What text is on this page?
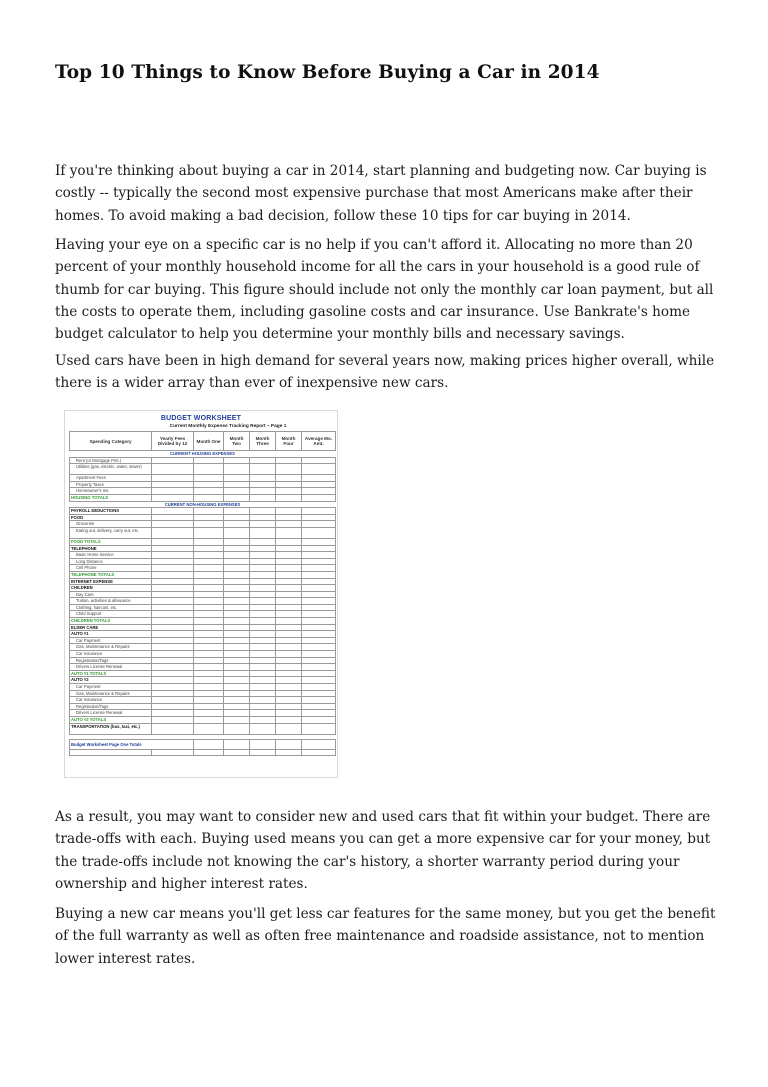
Top 10 Things to Know Before Buying a Car in 2014

If you're thinking about buying a car in 2014, start planning and budgeting now. Car buying is costly -- typically the second most expensive purchase that most Americans make after their homes. To avoid making a bad decision, follow these 10 tips for car buying in 2014.

Having your eye on a specific car is no help if you can't afford it. Allocating no more than 20 percent of your monthly household income for all the cars in your household is a good rule of thumb for car buying. This figure should include not only the monthly car loan payment, but all the costs to operate them, including gasoline costs and car insurance. Use Bankrate's home budget calculator to help you determine your monthly bills and necessary savings.

Used cars have been in high demand for several years now, making prices higher overall, while there is a wider array than ever of inexpensive new cars.

BUDGET WORKSHEET
Current Monthly Expense Tracking Report – Page 1
Spending Category	Yearly Fees Divided by 12	Month One	Month Two	Month Three	Month Four	Average Mo. Amt.
CURRENT HOUSING EXPENSES						
Rent (or Mortgage Pmt.)						
Utilities (gas, electric, water, sewer)						
Apartment Fees						
Property Taxes						
Homeowner's Ins.						
HOUSING TOTALS						
CURRENT NON-HOUSING EXPENSES						
PAYROLL DEDUCTIONS						
FOOD						
Groceries						
Eating out, delivery, carry out, etc.						
FOOD TOTALS						
TELEPHONE						
Basic Home Service						
Long Distance						
Cell Phone						
TELEPHONE TOTALS						
INTERNET EXPENSE						
CHILDREN						
Day Care						
Tuition, activities & allowance						
Clothing, haircuts, etc.						
Child Support						
CHILDREN TOTALS						
ELDER CARE						
AUTO #1						
Car Payment						
Gas, Maintenance & Repairs						
Car Insurance						
Registration/Tags						
Drivers License Renewal						
AUTO #1 TOTALS						
AUTO #2						
Car Payment						
Gas, Maintenance & Repairs						
Car Insurance						
Registration/Tags						
Drivers License Renewal						
AUTO #2 TOTALS						
TRANSPORTATION (bus, taxi, etc.)						

Budget Worksheet Page One Totals						

As a result, you may want to consider new and used cars that fit within your budget. There are trade-offs with each. Buying used means you can get a more expensive car for your money, but the trade-offs include not knowing the car's history, a shorter warranty period during your ownership and higher interest rates.

Buying a new car means you'll get less car features for the same money, but you get the benefit of the full warranty as well as often free maintenance and roadside assistance, not to mention lower interest rates.
